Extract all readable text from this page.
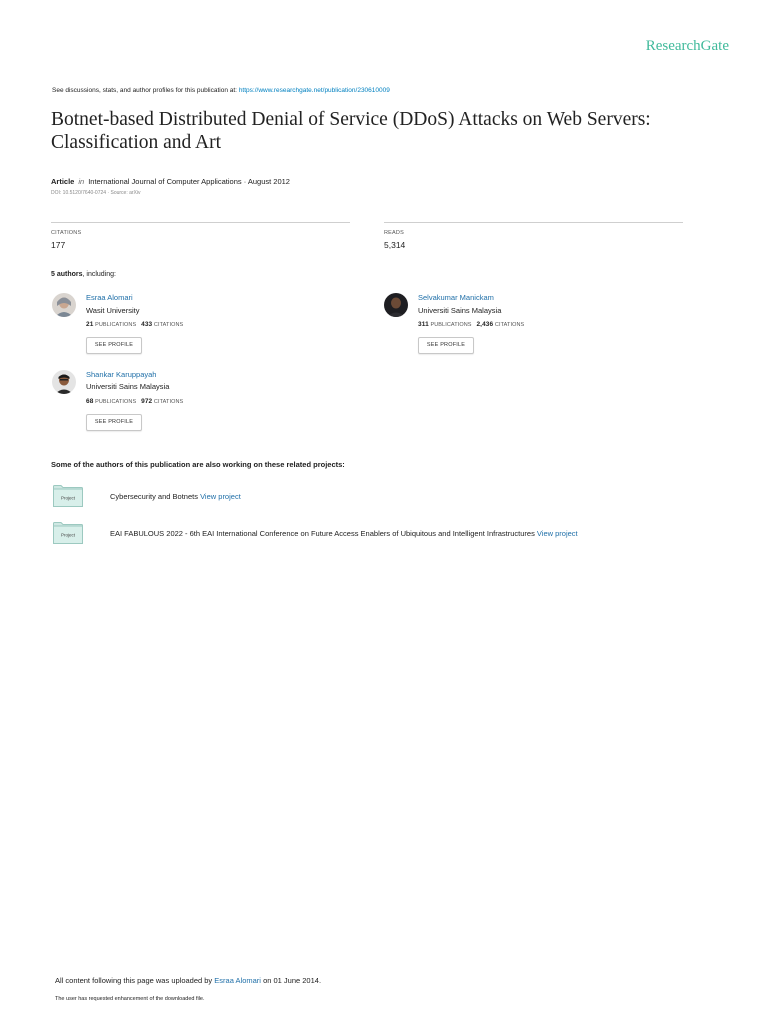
ResearchGate
See discussions, stats, and author profiles for this publication at: https://www.researchgate.net/publication/230610009
Botnet-based Distributed Denial of Service (DDoS) Attacks on Web Servers: Classification and Art
Article in International Journal of Computer Applications · August 2012
DOI: 10.5120/7640-0724 · Source: arXiv
CITATIONS
177
READS
5,314
5 authors, including:
Esraa Alomari
Wasit University
21 PUBLICATIONS 433 CITATIONS
SEE PROFILE
Selvakumar Manickam
Universiti Sains Malaysia
311 PUBLICATIONS 2,436 CITATIONS
SEE PROFILE
Shankar Karuppayah
Universiti Sains Malaysia
68 PUBLICATIONS 972 CITATIONS
SEE PROFILE
Some of the authors of this publication are also working on these related projects:
Project	Cybersecurity and Botnets View project
Project	EAI FABULOUS 2022 - 6th EAI International Conference on Future Access Enablers of Ubiquitous and Intelligent Infrastructures View project
All content following this page was uploaded by Esraa Alomari on 01 June 2014.
The user has requested enhancement of the downloaded file.
